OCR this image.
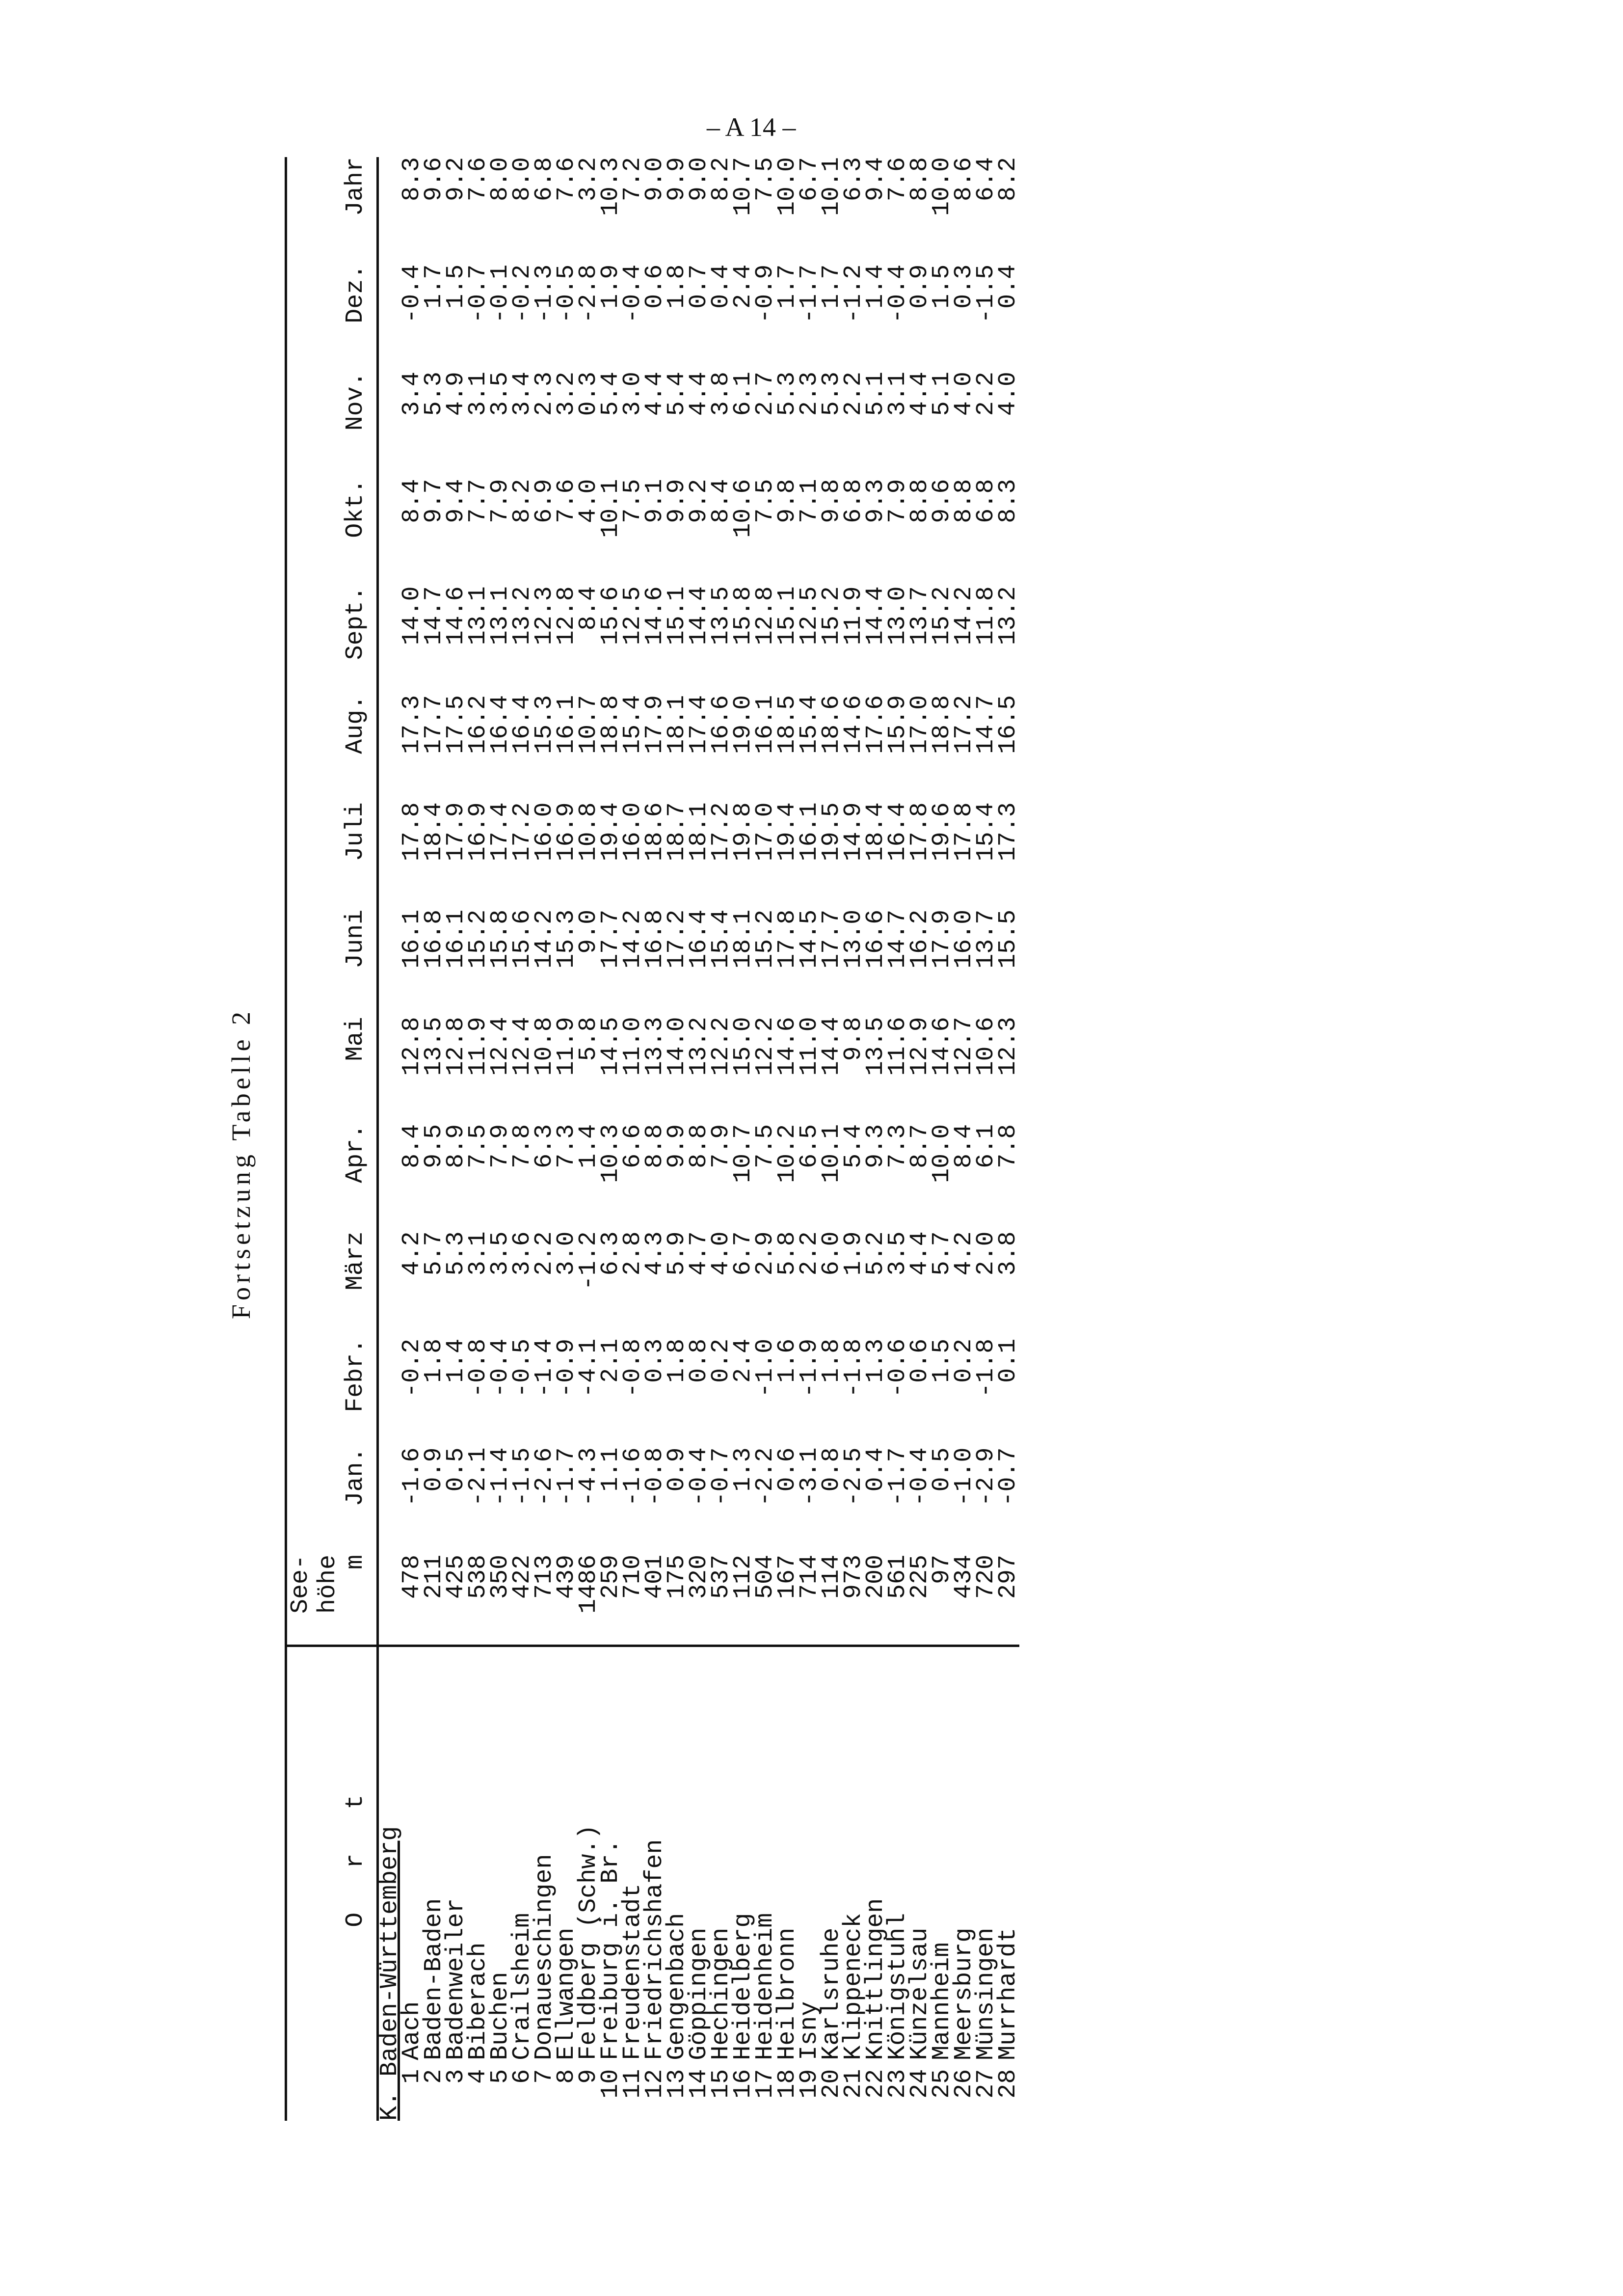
– A 14 –
Fortsetzung Tabelle 2
	O r t	See-
höhe
m	Jan.	Febr.	März	Apr.	Mai	Juni	Juli	Aug.	Sept.	Okt.	Nov.	Dez.	Jahr
K. Baden-Württemberg															
1	Aach	478	-1.6	-0.2	4.2	8.4	12.8	16.1	17.8	17.3	14.0	8.4	3.4	-0.4	8.3
2	Baden-Baden	211	0.9	1.8	5.7	9.5	13.5	16.8	18.4	17.7	14.7	9.7	5.3	1.7	9.6
3	Badenweiler	425	0.5	1.4	5.3	8.9	12.8	16.1	17.9	17.5	14.6	9.4	4.9	1.5	9.2
4	Biberach	538	-2.1	-0.8	3.1	7.5	11.9	15.2	16.9	16.2	13.1	7.7	3.1	-0.7	7.6
5	Buchen	350	-1.4	-0.4	3.5	7.9	12.4	15.8	17.4	16.4	13.1	7.9	3.5	-0.1	8.0
6	Crailsheim	422	-1.5	-0.5	3.6	7.8	12.4	15.6	17.2	16.4	13.2	8.2	3.4	-0.2	8.0
7	Donaueschingen	713	-2.6	-1.4	2.2	6.3	10.8	14.2	16.0	15.3	12.3	6.9	2.3	-1.3	6.8
8	Ellwangen	439	-1.7	-0.9	3.0	7.3	11.9	15.3	16.9	16.1	12.8	7.6	3.2	-0.5	7.6
9	Feldberg (Schw.)	1486	-4.3	-4.1	-1.2	1.4	5.8	9.0	10.8	10.7	8.4	4.0	0.3	-2.8	3.2
10	Freiburg i. Br.	259	1.1	2.1	6.3	10.3	14.5	17.7	19.4	18.8	15.6	10.1	5.4	1.9	10.3
11	Freudenstadt	710	-1.6	-0.8	2.8	6.6	11.0	14.2	16.0	15.4	12.5	7.5	3.0	-0.4	7.2
12	Friedrichshafen	401	-0.8	0.3	4.3	8.8	13.3	16.8	18.6	17.9	14.6	9.1	4.4	0.6	9.0
13	Gengenbach	175	0.9	1.8	5.9	9.9	14.0	17.2	18.7	18.1	15.1	9.9	5.4	1.8	9.9
14	Göppingen	320	-0.4	0.8	4.7	8.8	13.2	16.4	18.1	17.4	14.4	9.2	4.4	0.7	9.0
15	Hechingen	537	-0.7	0.2	4.0	7.9	12.2	15.4	17.2	16.6	13.5	8.4	3.8	0.4	8.2
16	Heidelberg	112	1.3	2.4	6.7	10.7	15.0	18.1	19.8	19.0	15.8	10.6	6.1	2.4	10.7
17	Heidenheim	504	-2.2	-1.0	2.9	7.5	12.2	15.2	17.0	16.1	12.8	7.5	2.7	-0.9	7.5
18	Heilbronn	167	0.6	1.6	5.8	10.2	14.6	17.8	19.4	18.5	15.1	9.8	5.3	1.7	10.0
19	Isny	714	-3.1	-1.9	2.2	6.5	11.0	14.5	16.1	15.4	12.5	7.1	2.3	-1.7	6.7
20	Karlsruhe	114	0.8	1.8	6.0	10.1	14.4	17.7	19.5	18.6	15.2	9.8	5.3	1.7	10.1
21	Klippeneck	973	-2.5	-1.8	1.9	5.4	9.8	13.0	14.9	14.6	11.9	6.8	2.2	-1.2	6.3
22	Knittlingen	200	0.4	1.3	5.2	9.3	13.5	16.6	18.4	17.6	14.4	9.3	5.1	1.4	9.4
23	Königstuhl	561	-1.7	-0.6	3.5	7.3	11.6	14.7	16.4	15.9	13.0	7.9	3.1	-0.4	7.6
24	Künzelsau	225	-0.4	0.6	4.4	8.7	12.9	16.2	17.8	17.0	13.7	8.8	4.4	0.9	8.8
25	Mannheim	97	0.5	1.5	5.7	10.0	14.6	17.9	19.6	18.8	15.2	9.6	5.1	1.5	10.0
26	Meersburg	434	-1.0	0.2	4.2	8.4	12.7	16.0	17.8	17.2	14.2	8.8	4.0	0.3	8.6
27	Münsingen	720	-2.9	-1.8	2.0	6.1	10.6	13.7	15.4	14.7	11.8	6.8	2.2	-1.5	6.4
28	Murrhardt	297	-0.7	0.1	3.8	7.8	12.3	15.5	17.3	16.5	13.2	8.3	4.0	0.4	8.2
